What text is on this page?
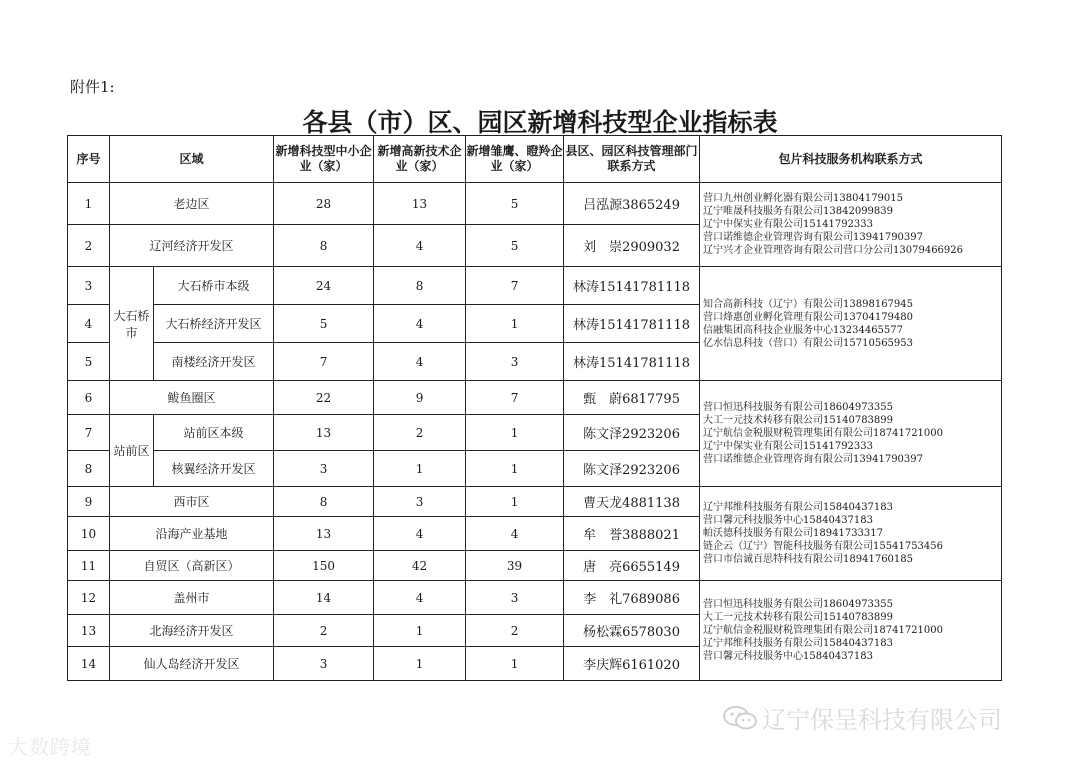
附件1:
各县（市）区、园区新增科技型企业指标表
序号	区域		新增科技型中小企业（家）	新增高新技术企业（家）	新增雏鹰、瞪羚企业（家）	县区、园区科技管理部门联系方式	包片科技服务机构联系方式
1	老边区		28	13	5	吕泓源3865249	营口九州创业孵化器有限公司13804179015
辽宁唯晟科技服务有限公司13842099839
辽宁中保实业有限公司15141792333
营口诺维德企业管理咨询有限公司13941790397
辽宁兴才企业管理咨询有限公司营口分公司13079466926

2	辽河经济开发区		8	4	5	刘　崇2909032	
3	大石桥市	大石桥市本级	24	8	7	林涛15141781118	知合高新科技（辽宁）有限公司13898167945
营口烽惠创业孵化管理有限公司13704179480
信融集团高科技企业服务中心13234465577
亿水信息科技（营口）有限公司15710565953

4		大石桥经济开发区	5	4	1	林涛15141781118	
5		南楼经济开发区	7	4	3	林涛15141781118	
6	鲅鱼圈区		22	9	7	甄　蔚6817795	营口恒迅科技服务有限公司18604973355
大工一元技术转移有限公司15140783899
辽宁航信金税服财税管理集团有限公司18741721000
辽宁中保实业有限公司15141792333
营口诺维德企业管理咨询有限公司13941790397

7	站前区	站前区本级	13	2	1	陈文泽2923206	
8		核翼经济开发区	3	1	1	陈文泽2923206	
9	西市区		8	3	1	曹天龙4881138	辽宁邦维科技服务有限公司15840437183
营口馨元科技服务中心15840437183
帕沃德科技服务有限公司18941733317
链企云（辽宁）智能科技服务有限公司15541753456
营口市信诚百思特科技有限公司18941760185

10	沿海产业基地		13	4	4	牟　誉3888021	
11	自贸区（高新区）		150	42	39	唐　亮6655149	
12	盖州市		14	4	3	李　礼7689086	营口恒迅科技服务有限公司18604973355
大工一元技术转移有限公司15140783899
辽宁航信金税服财税管理集团有限公司18741721000
辽宁邦维科技服务有限公司15840437183
营口馨元科技服务中心15840437183

13	北海经济开发区		2	1	2	杨松霖6578030	
14	仙人岛经济开发区		3	1	1	李庆辉6161020	
大数跨境
辽宁保呈科技有限公司
